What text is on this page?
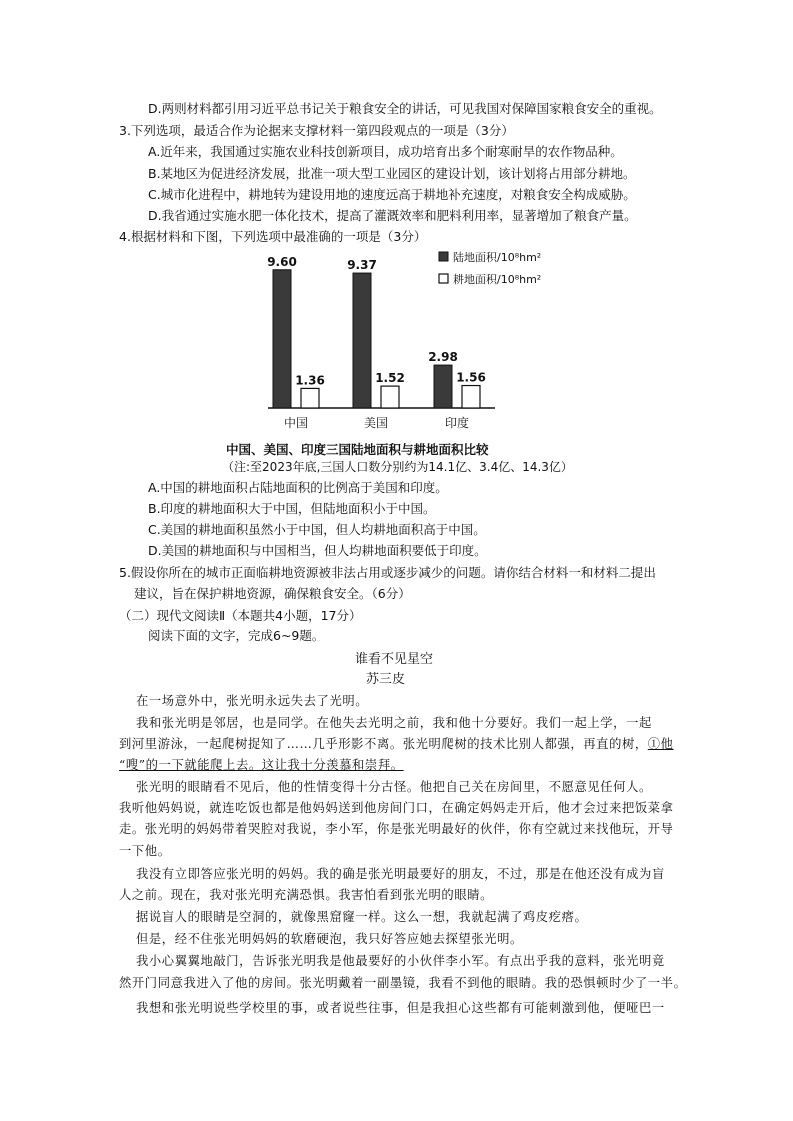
D.两则材料都引用习近平总书记关于粮食安全的讲话，可见我国对保障国家粮食安全的重视。
3.下列选项，最适合作为论据来支撑材料一第四段观点的一项是（3分）
A.近年来，我国通过实施农业科技创新项目，成功培育出多个耐寒耐旱的农作物品种。
B.某地区为促进经济发展，批准一项大型工业园区的建设计划，该计划将占用部分耕地。
C.城市化进程中，耕地转为建设用地的速度远高于耕地补充速度，对粮食安全构成威胁。
D.我省通过实施水肥一体化技术，提高了灌溉效率和肥料利用率，显著增加了粮食产量。
4.根据材料和下图，下列选项中最准确的一项是（3分）
9.60
1.36
中国
9.37
1.52
美国
2.98
1.56
印度
陆地面积/10⁸hm²
耕地面积/10⁸hm²
中国、美国、印度三国陆地面积与耕地面积比较
（注:至2023年底,三国人口数分别约为14.1亿、3.4亿、14.3亿）
A.中国的耕地面积占陆地面积的比例高于美国和印度。
B.印度的耕地面积大于中国，但陆地面积小于中国。
C.美国的耕地面积虽然小于中国，但人均耕地面积高于中国。
D.美国的耕地面积与中国相当，但人均耕地面积要低于印度。
5.假设你所在的城市正面临耕地资源被非法占用或逐步减少的问题。请你结合材料一和材料二提出
建议，旨在保护耕地资源，确保粮食安全。（6分）
（二）现代文阅读Ⅱ（本题共4小题，17分）
阅读下面的文字，完成6~9题。
谁看不见星空
苏三皮
在一场意外中，张光明永远失去了光明。
我和张光明是邻居，也是同学。在他失去光明之前，我和他十分要好。我们一起上学，一起
到河里游泳，一起爬树捉知了……几乎形影不离。张光明爬树的技术比别人都强，再直的树，①他
“嗖”的一下就能爬上去。这让我十分羡慕和崇拜。
张光明的眼睛看不见后，他的性情变得十分古怪。他把自己关在房间里，不愿意见任何人。
我听他妈妈说，就连吃饭也都是他妈妈送到他房间门口，在确定妈妈走开后，他才会过来把饭菜拿
走。张光明的妈妈带着哭腔对我说，李小军，你是张光明最好的伙伴，你有空就过来找他玩，开导
一下他。
我没有立即答应张光明的妈妈。我的确是张光明最要好的朋友，不过，那是在他还没有成为盲
人之前。现在，我对张光明充满恐惧。我害怕看到张光明的眼睛。
据说盲人的眼睛是空洞的，就像黑窟窿一样。这么一想，我就起满了鸡皮疙瘩。
但是，经不住张光明妈妈的软磨硬泡，我只好答应她去探望张光明。
我小心翼翼地敲门，告诉张光明我是他最要好的小伙伴李小军。有点出乎我的意料，张光明竟
然开门同意我进入了他的房间。张光明戴着一副墨镜，我看不到他的眼睛。我的恐惧顿时少了一半。
我想和张光明说些学校里的事，或者说些往事，但是我担心这些都有可能刺激到他，便哑巴一
